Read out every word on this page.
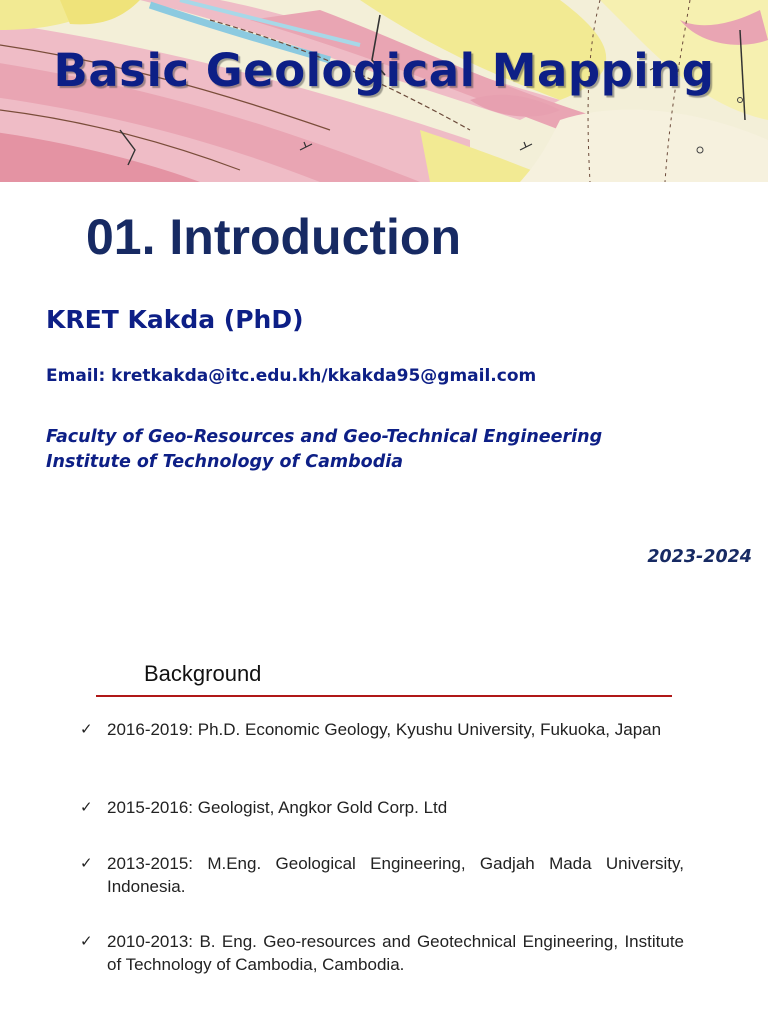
Basic Geological Mapping
01. Introduction
KRET Kakda (PhD)
Email: kretkakda@itc.edu.kh/kkakda95@gmail.com
Faculty of Geo-Resources and Geo-Technical Engineering
Institute of Technology of Cambodia
2023-2024
Background
✓ 2016-2019: Ph.D. Economic Geology, Kyushu University, Fukuoka, Japan
✓ 2015-2016: Geologist, Angkor Gold Corp. Ltd
✓ 2013-2015: M.Eng. Geological Engineering, Gadjah Mada University, Indonesia.
✓ 2010-2013: B. Eng. Geo-resources and Geotechnical Engineering, Institute of Technology of Cambodia, Cambodia.
